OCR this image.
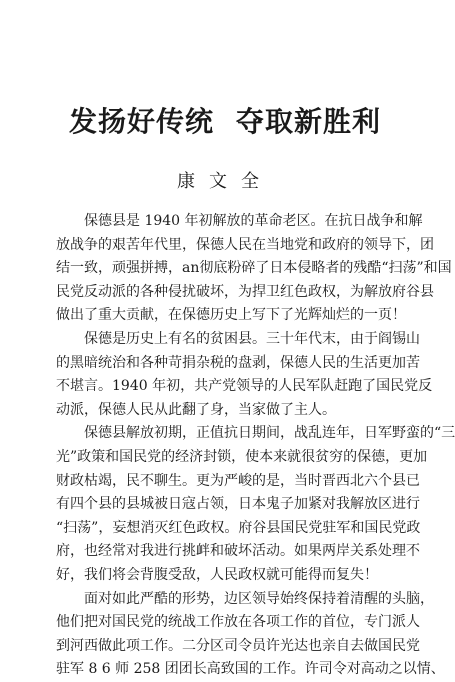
发扬好传统 夺取新胜利
康文全

保德县是 1940 年初解放的革命老区。在抗日战争和解
放战争的艰苦年代里，保德人民在当地党和政府的领导下，团
结一致，顽强拼搏，an彻底粉碎了日本侵略者的残酷“扫荡”和国
民党反动派的各种侵扰破坏，为捍卫红色政权，为解放府谷县
做出了重大贡献，在保德历史上写下了光辉灿烂的一页！

保德是历史上有名的贫困县。三十年代末，由于阎锡山
的黑暗统治和各种苛捐杂税的盘剥，保德人民的生活更加苦
不堪言。1940 年初，共产党领导的人民军队赶跑了国民党反
动派，保德人民从此翻了身，当家做了主人。

保德县解放初期，正值抗日期间，战乱连年，日军野蛮的“三
光”政策和国民党的经济封锁，使本来就很贫穷的保德，更加
财政枯竭，民不聊生。更为严峻的是，当时晋西北六个县已
有四个县的县城被日寇占领，日本鬼子加紧对我解放区进行
“扫荡”，妄想消灭红色政权。府谷县国民党驻军和国民党政
府，也经常对我进行挑衅和破坏活动。如果两岸关系处理不
好，我们将会背腹受敌，人民政权就可能得而复失！

面对如此严酷的形势，边区领导始终保持着清醒的头脑，
他们把对国民党的统战工作放在各项工作的首位，专门派人
到河西做此项工作。二分区司令员许光达也亲自去做国民党
驻军 8 6 师 258 团团长高致国的工作。许司令对高动之以情、
